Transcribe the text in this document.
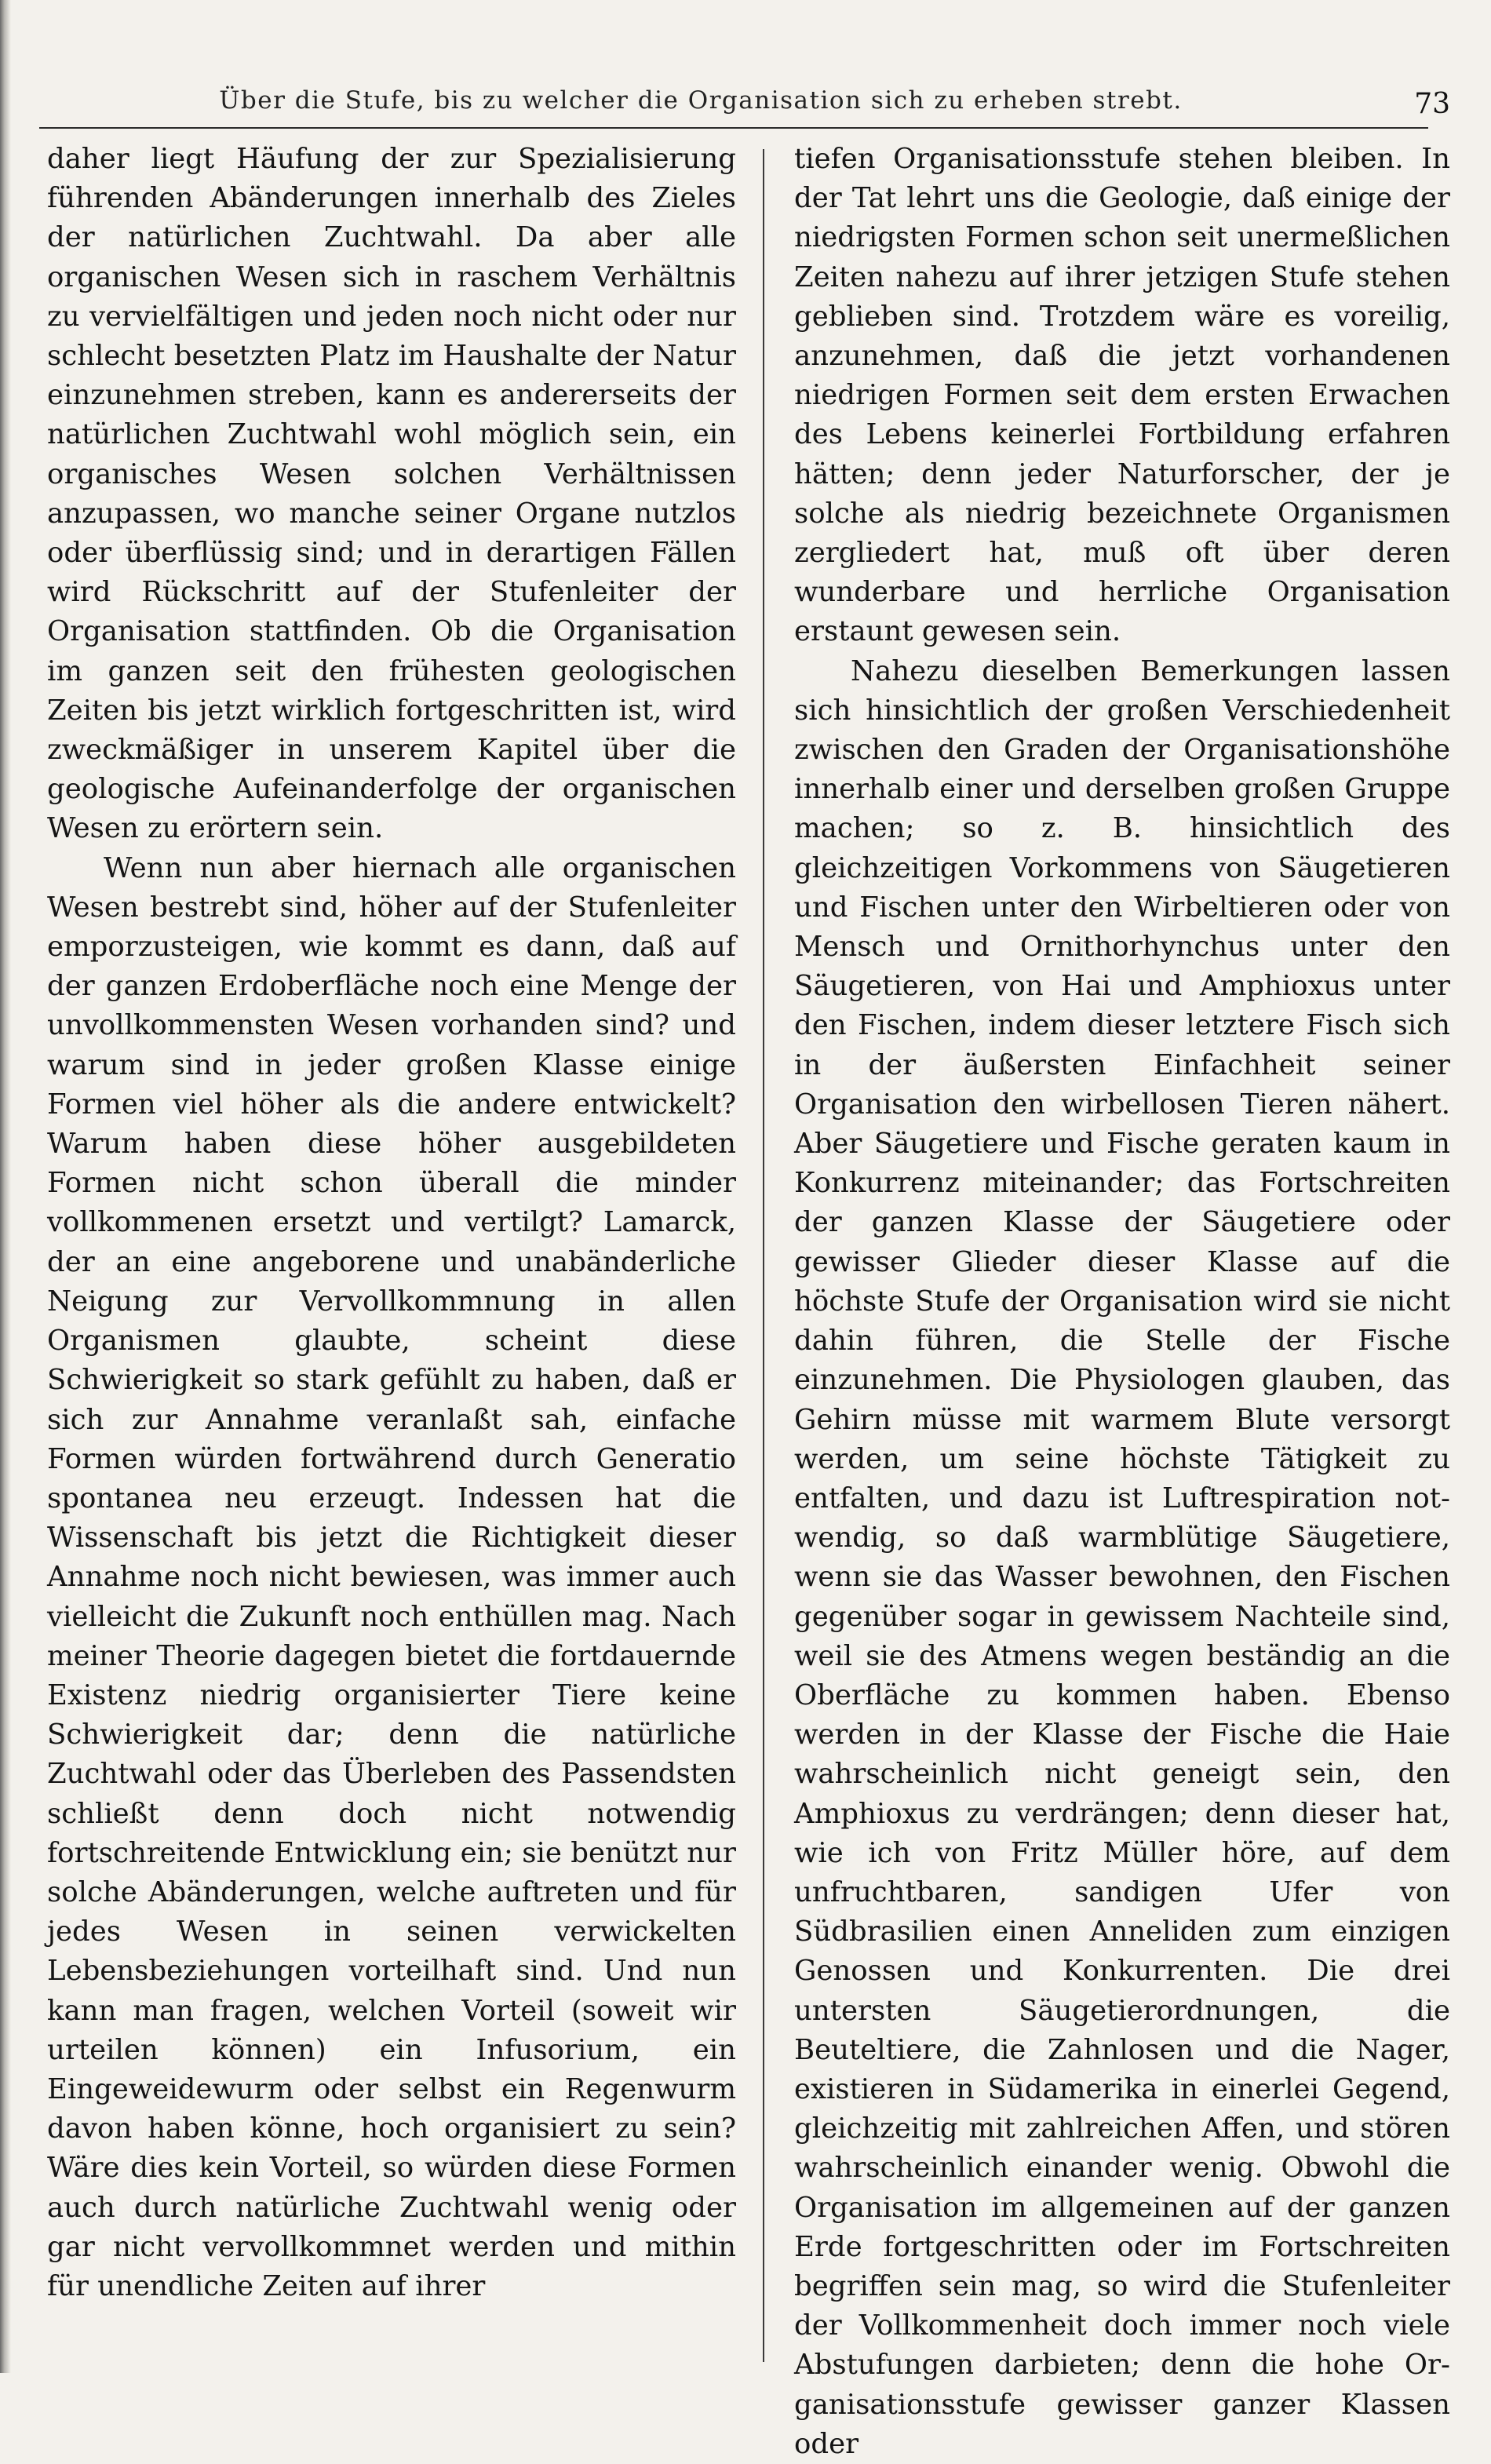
Über die Stufe, bis zu welcher die Organisation sich zu erheben strebt.	73

daher liegt Häufung der zur Spezialisierung führenden Abänderungen innerhalb des Zieles der natürlichen Zuchtwahl. Da aber alle organischen Wesen sich in raschem Verhältnis zu vervielfältigen und jeden noch nicht oder nur schlecht besetzten Platz im Haushalte der Natur einzunehmen streben, kann es andererseits der natürlichen Zuchtwahl wohl möglich sein, ein organisches Wesen solchen Verhältnissen anzupassen, wo manche seiner Organe nutzlos oder überflüssig sind; und in derartigen Fällen wird Rückschritt auf der Stufenleiter der Organisation stattfinden. Ob die Organisation im ganzen seit den frühesten geologischen Zeiten bis jetzt wirklich fortgeschritten ist, wird zweckmäßiger in unserem Kapitel über die geologische Aufeinanderfolge der organischen Wesen zu erörtern sein.

Wenn nun aber hiernach alle organischen Wesen bestrebt sind, höher auf der Stufenleiter emporzusteigen, wie kommt es dann, daß auf der ganzen Erdoberfläche noch eine Menge der unvollkommensten Wesen vorhanden sind? und warum sind in jeder großen Klasse einige Formen viel höher als die andere entwickelt? Warum haben diese höher ausgebildeten Formen nicht schon überall die minder vollkommenen ersetzt und vertilgt? Lamarck, der an eine angeborene und unabänderliche Neigung zur Vervollkommnung in allen Organismen glaubte, scheint diese Schwierigkeit so stark gefühlt zu haben, daß er sich zur Annahme veranlaßt sah, einfache Formen würden fortwährend durch Generatio spontanea neu erzeugt. Indessen hat die Wissenschaft bis jetzt die Richtigkeit dieser Annahme noch nicht bewiesen, was immer auch vielleicht die Zukunft noch enthüllen mag. Nach meiner Theorie dagegen bietet die fortdauernde Existenz niedrig organisierter Tiere keine Schwierigkeit dar; denn die natürliche Zuchtwahl oder das Überleben des Passendsten schließt denn doch nicht notwendig fortschreitende Entwicklung ein; sie benützt nur solche Abänderungen, welche auftreten und für jedes Wesen in seinen verwickelten Lebensbeziehungen vorteilhaft sind. Und nun kann man fragen, welchen Vorteil (soweit wir urteilen können) ein Infusorium, ein Eingeweidewurm oder selbst ein Regenwurm davon haben könne, hoch organisiert zu sein? Wäre dies kein Vorteil, so würden diese Formen auch durch natürliche Zuchtwahl wenig oder gar nicht vervollkommnet werden und mithin für unendliche Zeiten auf ihrer

tiefen Organisationsstufe stehen bleiben. In der Tat lehrt uns die Geologie, daß einige der niedrigsten Formen schon seit unermeßlichen Zeiten nahezu auf ihrer jetzigen Stufe stehen geblieben sind. Trotzdem wäre es voreilig, anzunehmen, daß die jetzt vorhandenen niedrigen Formen seit dem ersten Erwachen des Lebens keinerlei Fortbildung erfahren hätten; denn jeder Naturforscher, der je solche als niedrig bezeichnete Organismen zergliedert hat, muß oft über deren wunderbare und herrliche Organisation erstaunt gewesen sein.

Nahezu dieselben Bemerkungen lassen sich hinsichtlich der großen Verschiedenheit zwischen den Graden der Organisationshöhe innerhalb einer und derselben großen Gruppe machen; so z. B. hinsichtlich des gleichzeitigen Vorkommens von Säugetieren und Fischen unter den Wirbeltieren oder von Mensch und Ornithorhynchus unter den Säugetieren, von Hai und Amphioxus unter den Fischen, indem dieser letztere Fisch sich in der äußersten Einfachheit seiner Organisation den wirbellosen Tieren nähert. Aber Säugetiere und Fische geraten kaum in Konkurrenz miteinander; das Fortschreiten der ganzen Klasse der Säugetiere oder gewisser Glieder dieser Klasse auf die höchste Stufe der Organisation wird sie nicht dahin führen, die Stelle der Fische einzunehmen. Die Physiologen glauben, das Gehirn müsse mit warmem Blute versorgt werden, um seine höchste Tätigkeit zu entfalten, und dazu ist Luftrespiration notwendig, so daß warmblütige Säugetiere, wenn sie das Wasser bewohnen, den Fischen gegenüber sogar in gewissem Nachteile sind, weil sie des Atmens wegen beständig an die Oberfläche zu kommen haben. Ebenso werden in der Klasse der Fische die Haie wahrscheinlich nicht geneigt sein, den Amphioxus zu verdrängen; denn dieser hat, wie ich von Fritz Müller höre, auf dem unfruchtbaren, sandigen Ufer von Südbrasilien einen Anneliden zum einzigen Genossen und Konkurrenten. Die drei untersten Säugetierordnungen, die Beuteltiere, die Zahnlosen und die Nager, existieren in Südamerika in einerlei Gegend, gleichzeitig mit zahlreichen Affen, und stören wahrscheinlich einander wenig. Obwohl die Organisation im allgemeinen auf der ganzen Erde fortgeschritten oder im Fortschreiten begriffen sein mag, so wird die Stufenleiter der Vollkommenheit doch immer noch viele Abstufungen darbieten; denn die hohe Organisationsstufe gewisser ganzer Klassen oder
